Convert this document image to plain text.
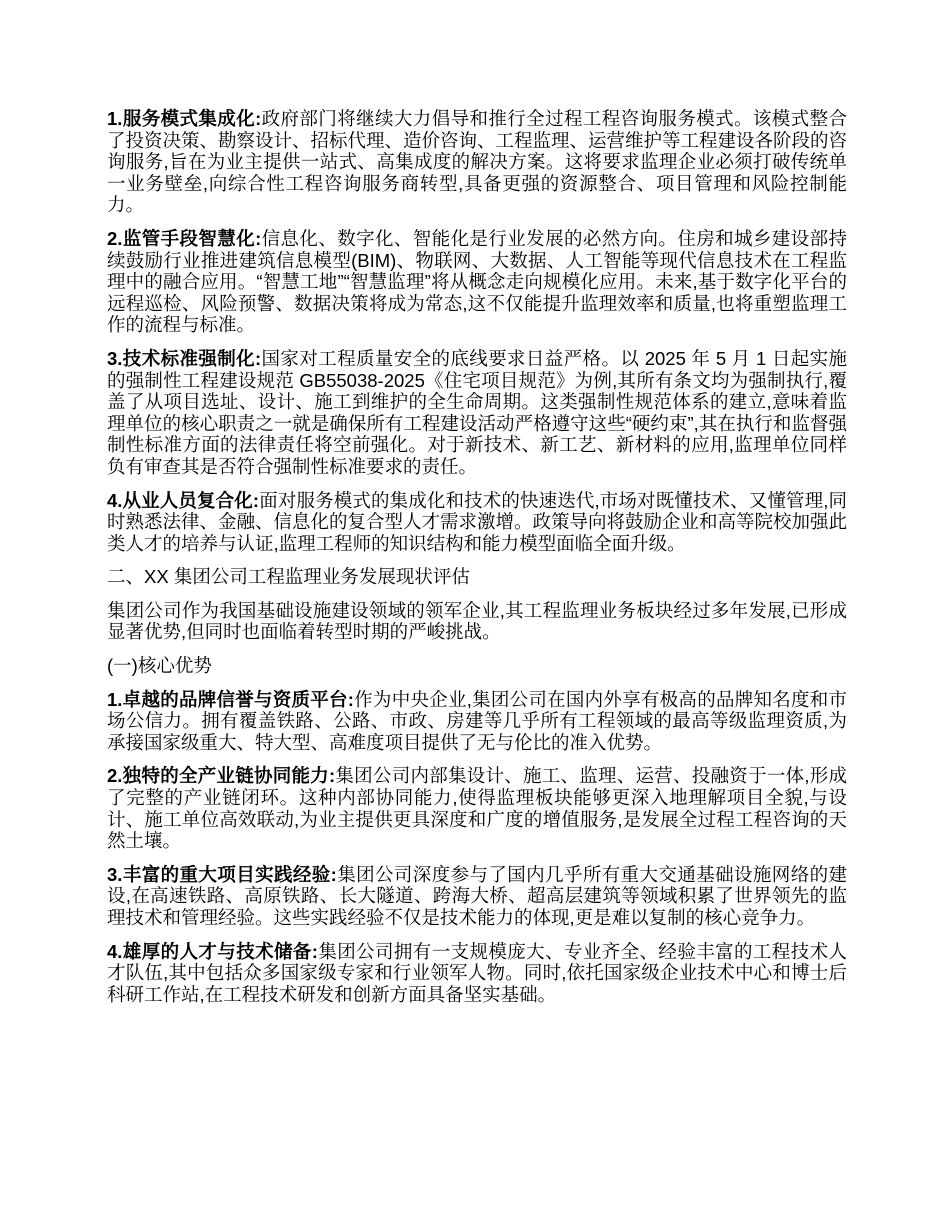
1.服务模式集成化:政府部门将继续大力倡导和推行全过程工程咨询服务模式。该模式整合了投资决策、勘察设计、招标代理、造价咨询、工程监理、运营维护等工程建设各阶段的咨询服务,旨在为业主提供一站式、高集成度的解决方案。这将要求监理企业必须打破传统单一业务壁垒,向综合性工程咨询服务商转型,具备更强的资源整合、项目管理和风险控制能力。

2.监管手段智慧化:信息化、数字化、智能化是行业发展的必然方向。住房和城乡建设部持续鼓励行业推进建筑信息模型(BIM)、物联网、大数据、人工智能等现代信息技术在工程监理中的融合应用。“智慧工地”“智慧监理”将从概念走向规模化应用。未来,基于数字化平台的远程巡检、风险预警、数据决策将成为常态,这不仅能提升监理效率和质量,也将重塑监理工作的流程与标准。

3.技术标准强制化:国家对工程质量安全的底线要求日益严格。以 2025 年 5 月 1 日起实施的强制性工程建设规范 GB55038-2025《住宅项目规范》为例,其所有条文均为强制执行,覆盖了从项目选址、设计、施工到维护的全生命周期。这类强制性规范体系的建立,意味着监理单位的核心职责之一就是确保所有工程建设活动严格遵守这些“硬约束”,其在执行和监督强制性标准方面的法律责任将空前强化。对于新技术、新工艺、新材料的应用,监理单位同样负有审查其是否符合强制性标准要求的责任。

4.从业人员复合化:面对服务模式的集成化和技术的快速迭代,市场对既懂技术、又懂管理,同时熟悉法律、金融、信息化的复合型人才需求激增。政策导向将鼓励企业和高等院校加强此类人才的培养与认证,监理工程师的知识结构和能力模型面临全面升级。

二、XX 集团公司工程监理业务发展现状评估

集团公司作为我国基础设施建设领域的领军企业,其工程监理业务板块经过多年发展,已形成显著优势,但同时也面临着转型时期的严峻挑战。

(一)核心优势

1.卓越的品牌信誉与资质平台:作为中央企业,集团公司在国内外享有极高的品牌知名度和市场公信力。拥有覆盖铁路、公路、市政、房建等几乎所有工程领域的最高等级监理资质,为承接国家级重大、特大型、高难度项目提供了无与伦比的准入优势。

2.独特的全产业链协同能力:集团公司内部集设计、施工、监理、运营、投融资于一体,形成了完整的产业链闭环。这种内部协同能力,使得监理板块能够更深入地理解项目全貌,与设计、施工单位高效联动,为业主提供更具深度和广度的增值服务,是发展全过程工程咨询的天然土壤。

3.丰富的重大项目实践经验:集团公司深度参与了国内几乎所有重大交通基础设施网络的建设,在高速铁路、高原铁路、长大隧道、跨海大桥、超高层建筑等领域积累了世界领先的监理技术和管理经验。这些实践经验不仅是技术能力的体现,更是难以复制的核心竞争力。

4.雄厚的人才与技术储备:集团公司拥有一支规模庞大、专业齐全、经验丰富的工程技术人才队伍,其中包括众多国家级专家和行业领军人物。同时,依托国家级企业技术中心和博士后科研工作站,在工程技术研发和创新方面具备坚实基础。
